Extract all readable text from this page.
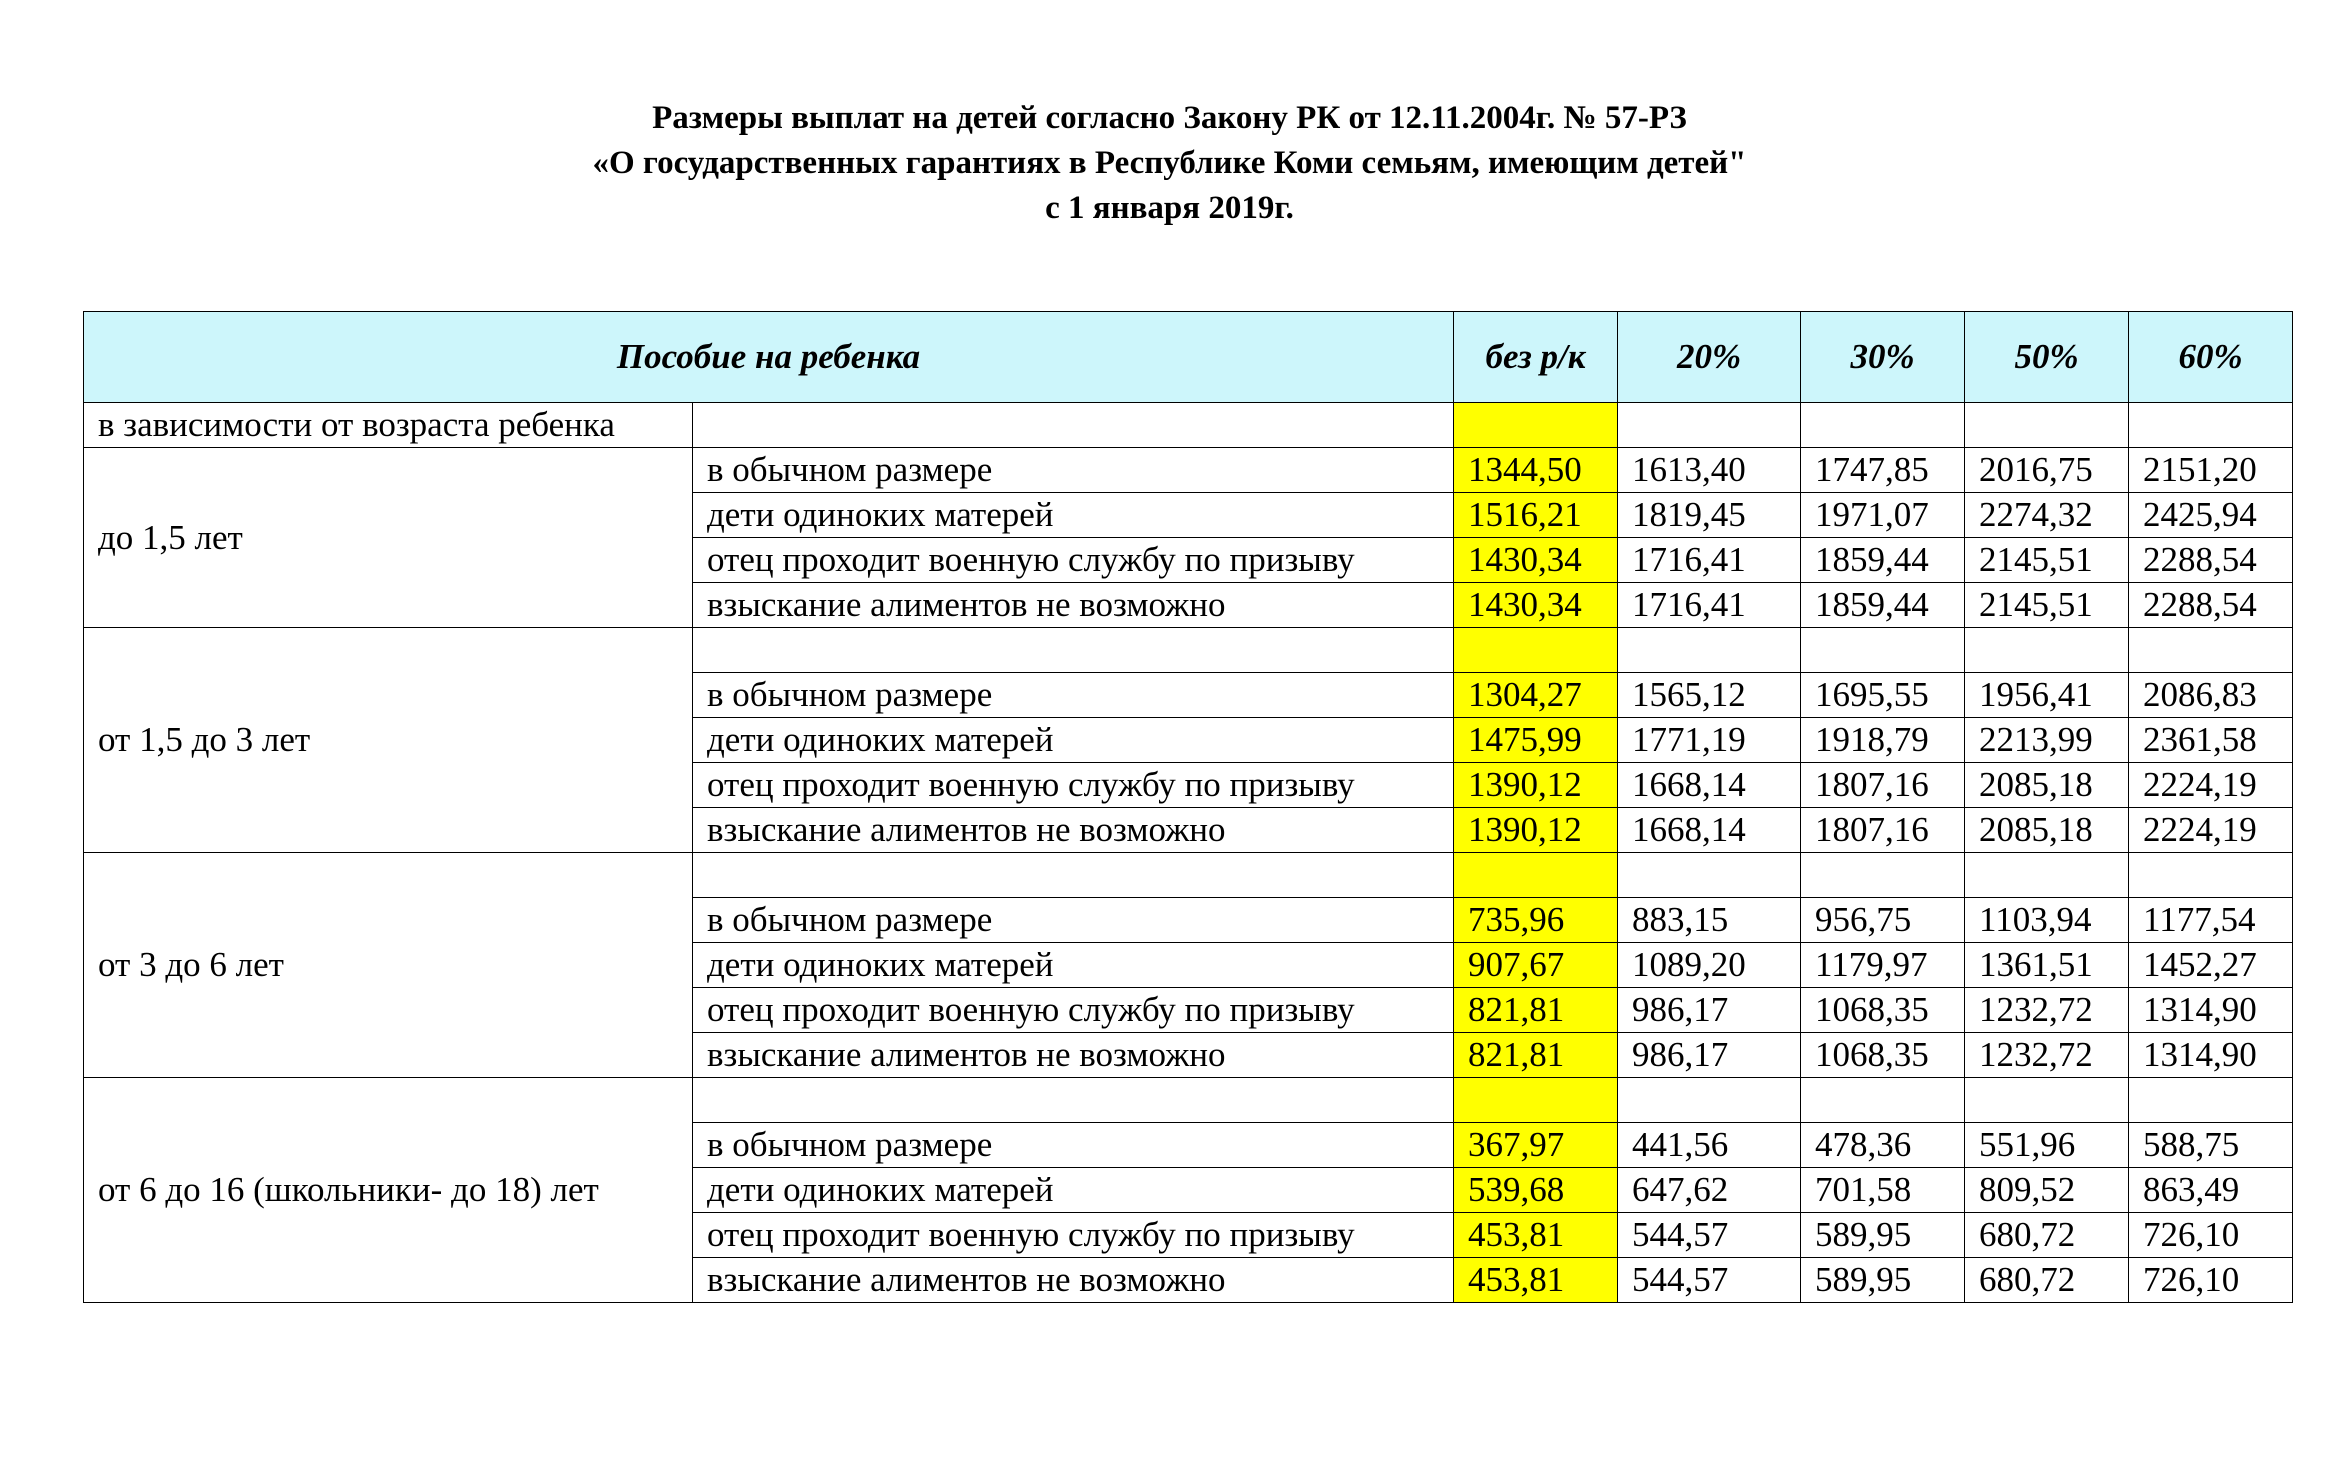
Размеры выплат на детей согласно Закону РК от 12.11.2004г. № 57-РЗ
«О государственных гарантиях в Республике Коми семьям, имеющим детей"
с 1 января 2019г.
Пособие на ребенка		без р/к	20%	30%	50%	60%
в зависимости от возраста ребенка						
до 1,5 лет	в обычном размере	1344,50	1613,40	1747,85	2016,75	2151,20
	дети одиноких матерей	1516,21	1819,45	1971,07	2274,32	2425,94
	отец проходит военную службу по призыву	1430,34	1716,41	1859,44	2145,51	2288,54
	взыскание алиментов не возможно	1430,34	1716,41	1859,44	2145,51	2288,54
от 1,5 до 3 лет						
	в обычном размере	1304,27	1565,12	1695,55	1956,41	2086,83
	дети одиноких матерей	1475,99	1771,19	1918,79	2213,99	2361,58
	отец проходит военную службу по призыву	1390,12	1668,14	1807,16	2085,18	2224,19
	взыскание алиментов не возможно	1390,12	1668,14	1807,16	2085,18	2224,19
от 3 до 6 лет						
	в обычном размере	735,96	883,15	956,75	1103,94	1177,54
	дети одиноких матерей	907,67	1089,20	1179,97	1361,51	1452,27
	отец проходит военную службу по призыву	821,81	986,17	1068,35	1232,72	1314,90
	взыскание алиментов не возможно	821,81	986,17	1068,35	1232,72	1314,90
от 6 до 16 (школьники- до 18) лет						
	в обычном размере	367,97	441,56	478,36	551,96	588,75
	дети одиноких матерей	539,68	647,62	701,58	809,52	863,49
	отец проходит военную службу по призыву	453,81	544,57	589,95	680,72	726,10
	взыскание алиментов не возможно	453,81	544,57	589,95	680,72	726,10
